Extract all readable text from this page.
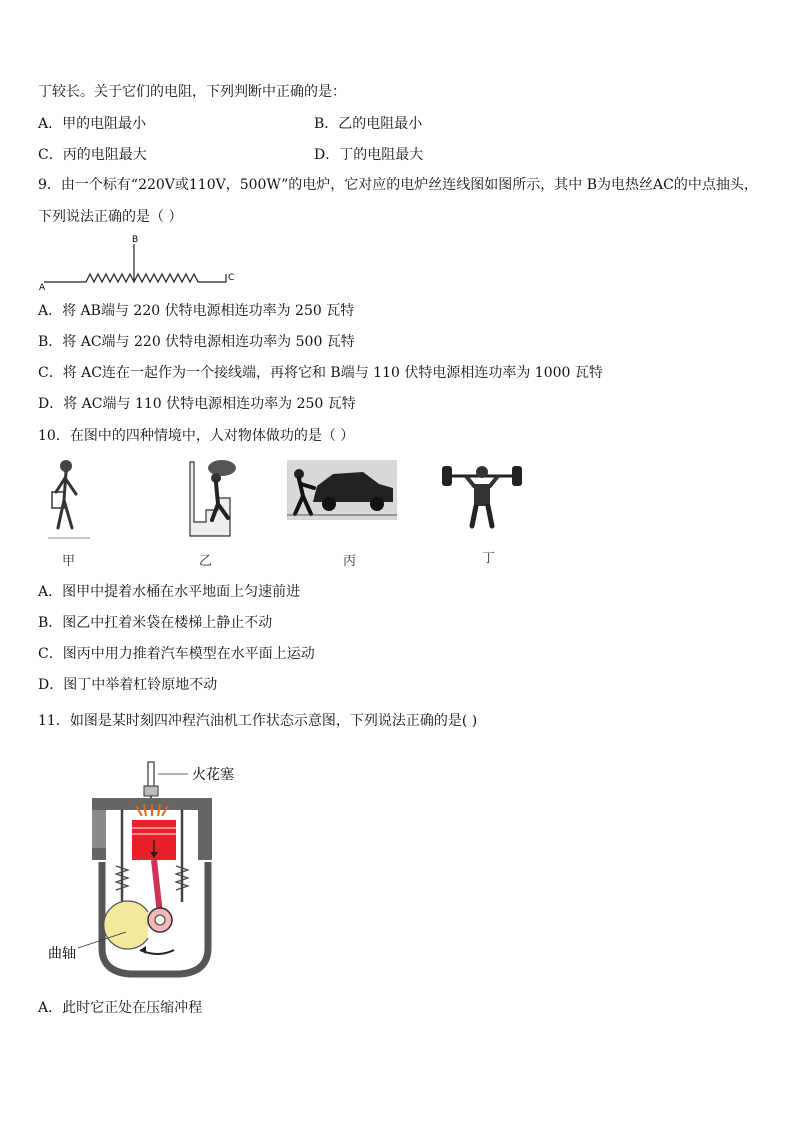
丁较长。关于它们的电阻，下列判断中正确的是：
A．甲的电阻最小	B．乙的电阻最小
C．丙的电阻最大	D．丁的电阻最大
9．由一个标有“220V或110V，500W”的电炉，它对应的电炉丝连线图如图所示，其中 B为电热丝AC的中点抽头，
下列说法正确的是（ ）
A
B
C
A．将 AB端与 220 伏特电源相连功率为 250 瓦特
B．将 AC端与 220 伏特电源相连功率为 500 瓦特
C．将 AC连在一起作为一个接线端，再将它和 B端与 110 伏特电源相连功率为 1000 瓦特
D．将 AC端与 110 伏特电源相连功率为 250 瓦特
10．在图中的四种情境中，人对物体做功的是（ ）
甲	乙	丙	丁
A．图甲中提着水桶在水平地面上匀速前进
B．图乙中扛着米袋在楼梯上静止不动
C．图丙中用力推着汽车模型在水平面上运动
D．图丁中举着杠铃原地不动
11．如图是某时刻四冲程汽油机工作状态示意图，下列说法正确的是( )
火花塞
曲轴
A．此时它正处在压缩冲程
